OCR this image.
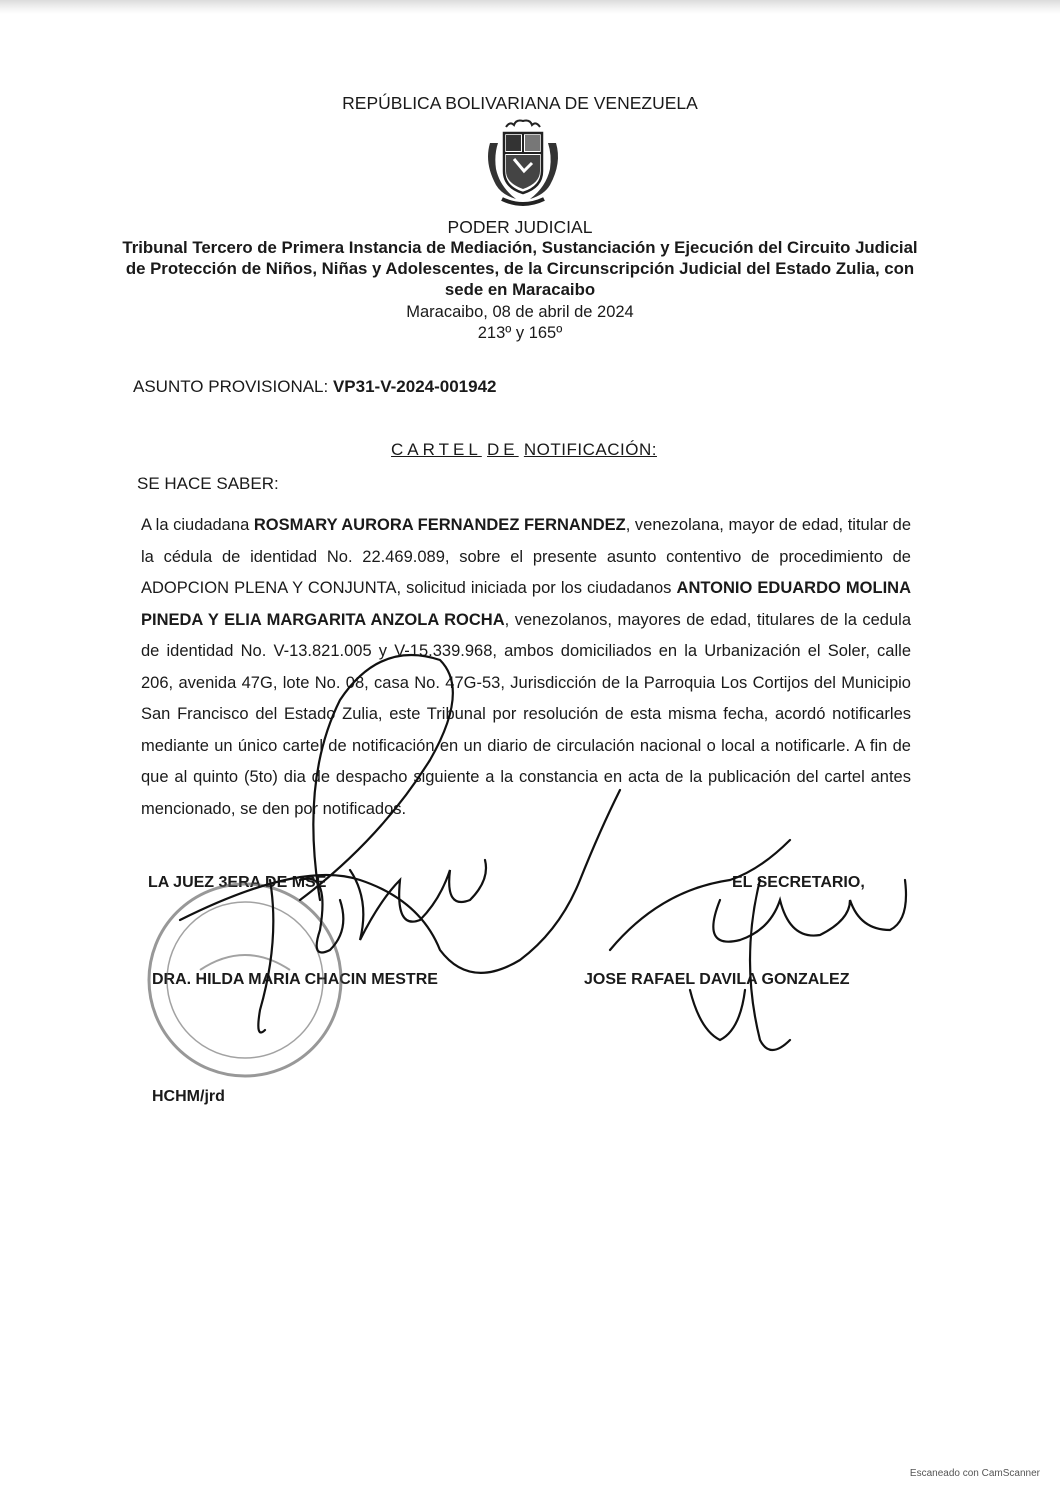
REPÚBLICA BOLIVARIANA DE VENEZUELA
PODER JUDICIAL
Tribunal Tercero de Primera Instancia de Mediación, Sustanciación y Ejecución del Circuito Judicial de Protección de Niños, Niñas y Adolescentes, de la Circunscripción Judicial del Estado Zulia, con sede en Maracaibo
Maracaibo, 08 de abril de 2024
213º y 165º
ASUNTO PROVISIONAL: VP31-V-2024-001942
CARTEL DE NOTIFICACIÓN:
SE HACE SABER:
A la ciudadana ROSMARY AURORA FERNANDEZ FERNANDEZ, venezolana, mayor de edad, titular de la cédula de identidad No. 22.469.089, sobre el presente asunto contentivo de procedimiento de ADOPCION PLENA Y CONJUNTA, solicitud iniciada por los ciudadanos ANTONIO EDUARDO MOLINA PINEDA Y ELIA MARGARITA ANZOLA ROCHA, venezolanos, mayores de edad, titulares de la cedula de identidad No. V-13.821.005 y V-15.339.968, ambos domiciliados en la Urbanización el Soler, calle 206, avenida 47G, lote No. 08, casa No. 47G-53, Jurisdicción de la Parroquia Los Cortijos del Municipio San Francisco del Estado Zulia, este Tribunal por resolución de esta misma fecha, acordó notificarles mediante un único cartel de notificación en un diario de circulación nacional o local a notificarle. A fin de que al quinto (5to) dia de despacho siguiente a la constancia en acta de la publicación del cartel antes mencionado, se den por notificados.
LA JUEZ 3ERA DE MSE	EL SECRETARIO,
DRA. HILDA MARIA CHACIN MESTRE	JOSE RAFAEL DAVILA GONZALEZ
HCHM/jrd
Escaneado con CamScanner
